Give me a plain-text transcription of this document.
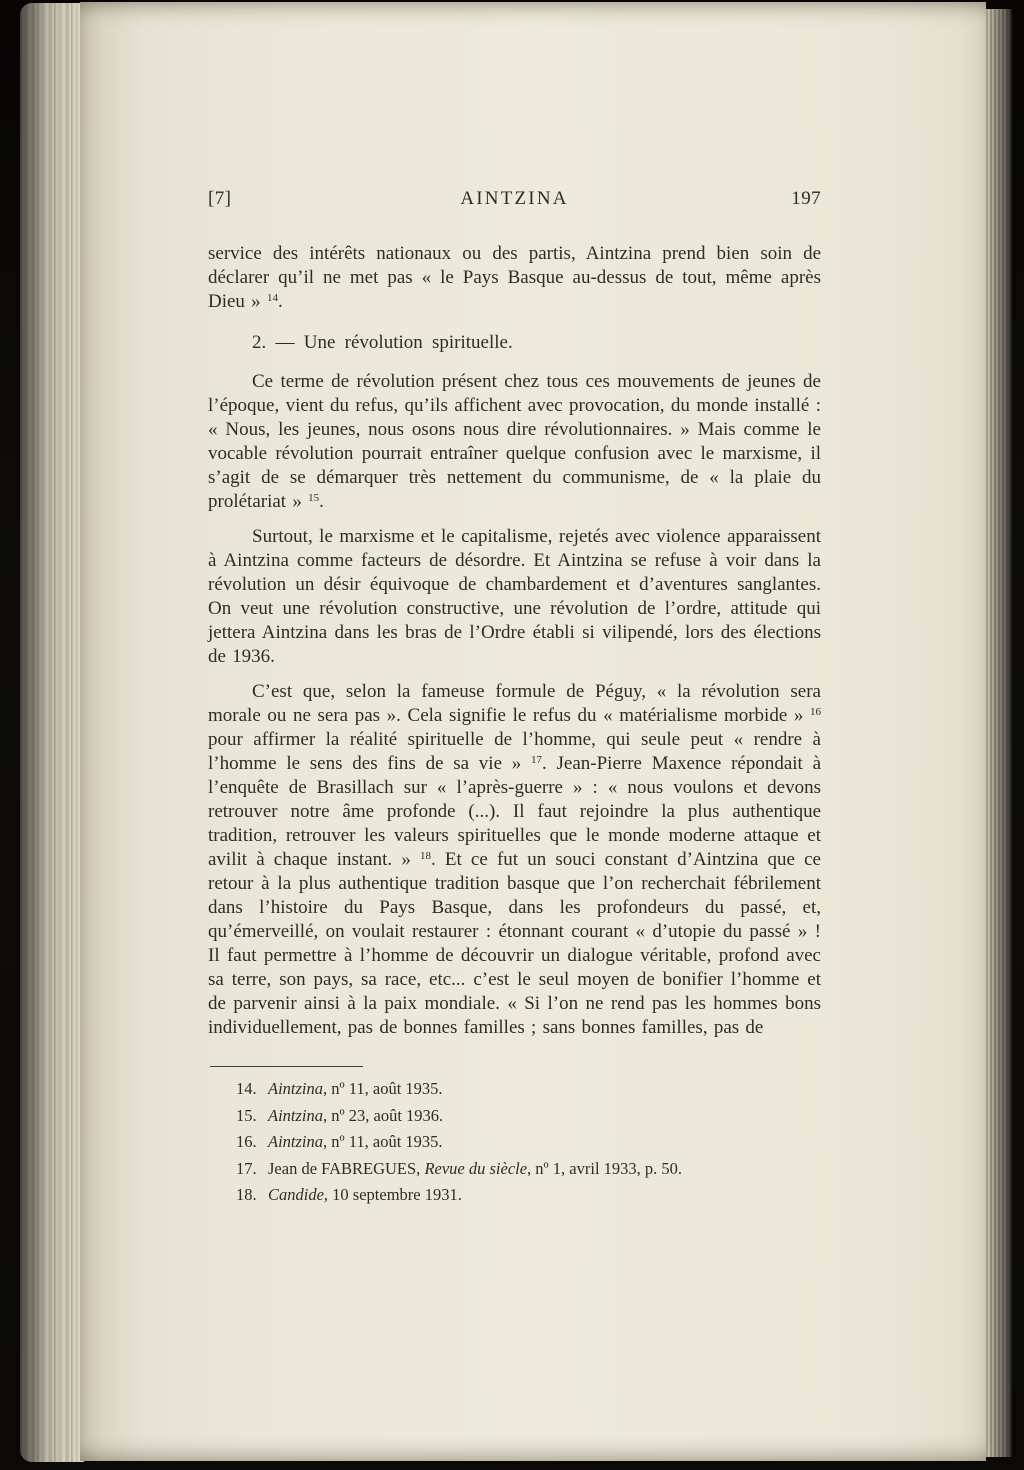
[7]	AINTZINA	197

service des intérêts nationaux ou des partis, Aintzina prend bien soin de déclarer qu’il ne met pas « le Pays Basque au-dessus de tout, même après Dieu » $^{14}$.

2. — Une révolution spirituelle.

Ce terme de révolution présent chez tous ces mouvements de jeunes de l’époque, vient du refus, qu’ils affichent avec provocation, du monde installé : « Nous, les jeunes, nous osons nous dire révolutionnaires. » Mais comme le vocable révolution pourrait entraîner quelque confusion avec le marxisme, il s’agit de se démarquer très nettement du communisme, de « la plaie du prolétariat » $^{15}$.

Surtout, le marxisme et le capitalisme, rejetés avec violence apparaissent à Aintzina comme facteurs de désordre. Et Aintzina se refuse à voir dans la révolution un désir équivoque de chambardement et d’aventures sanglantes. On veut une révolution constructive, une révolution de l’ordre, attitude qui jettera Aintzina dans les bras de l’Ordre établi si vilipendé, lors des élections de 1936.

C’est que, selon la fameuse formule de Péguy, « la révolution sera morale ou ne sera pas ». Cela signifie le refus du « matérialisme morbide » $^{16}$ pour affirmer la réalité spirituelle de l’homme, qui seule peut « rendre à l’homme le sens des fins de sa vie » $^{17}$. Jean-Pierre Maxence répondait à l’enquête de Brasillach sur « l’après-guerre » : « nous voulons et devons retrouver notre âme profonde (...). Il faut rejoindre la plus authentique tradition, retrouver les valeurs spirituelles que le monde moderne attaque et avilit à chaque instant. » $^{18}$. Et ce fut un souci constant d’Aintzina que ce retour à la plus authentique tradition basque que l’on recherchait fébrilement dans l’histoire du Pays Basque, dans les profondeurs du passé, et, qu’émerveillé, on voulait restaurer : étonnant courant « d’utopie du passé » ! Il faut permettre à l’homme de découvrir un dialogue véritable, profond avec sa terre, son pays, sa race, etc... c’est le seul moyen de bonifier l’homme et de parvenir ainsi à la paix mondiale. « Si l’on ne rend pas les hommes bons individuellement, pas de bonnes familles ; sans bonnes familles, pas de

14. Aintzina, nº 11, août 1935.
15. Aintzina, nº 23, août 1936.
16. Aintzina, nº 11, août 1935.
17. Jean de FABREGUES, Revue du siècle, nº 1, avril 1933, p. 50.
18. Candide, 10 septembre 1931.
